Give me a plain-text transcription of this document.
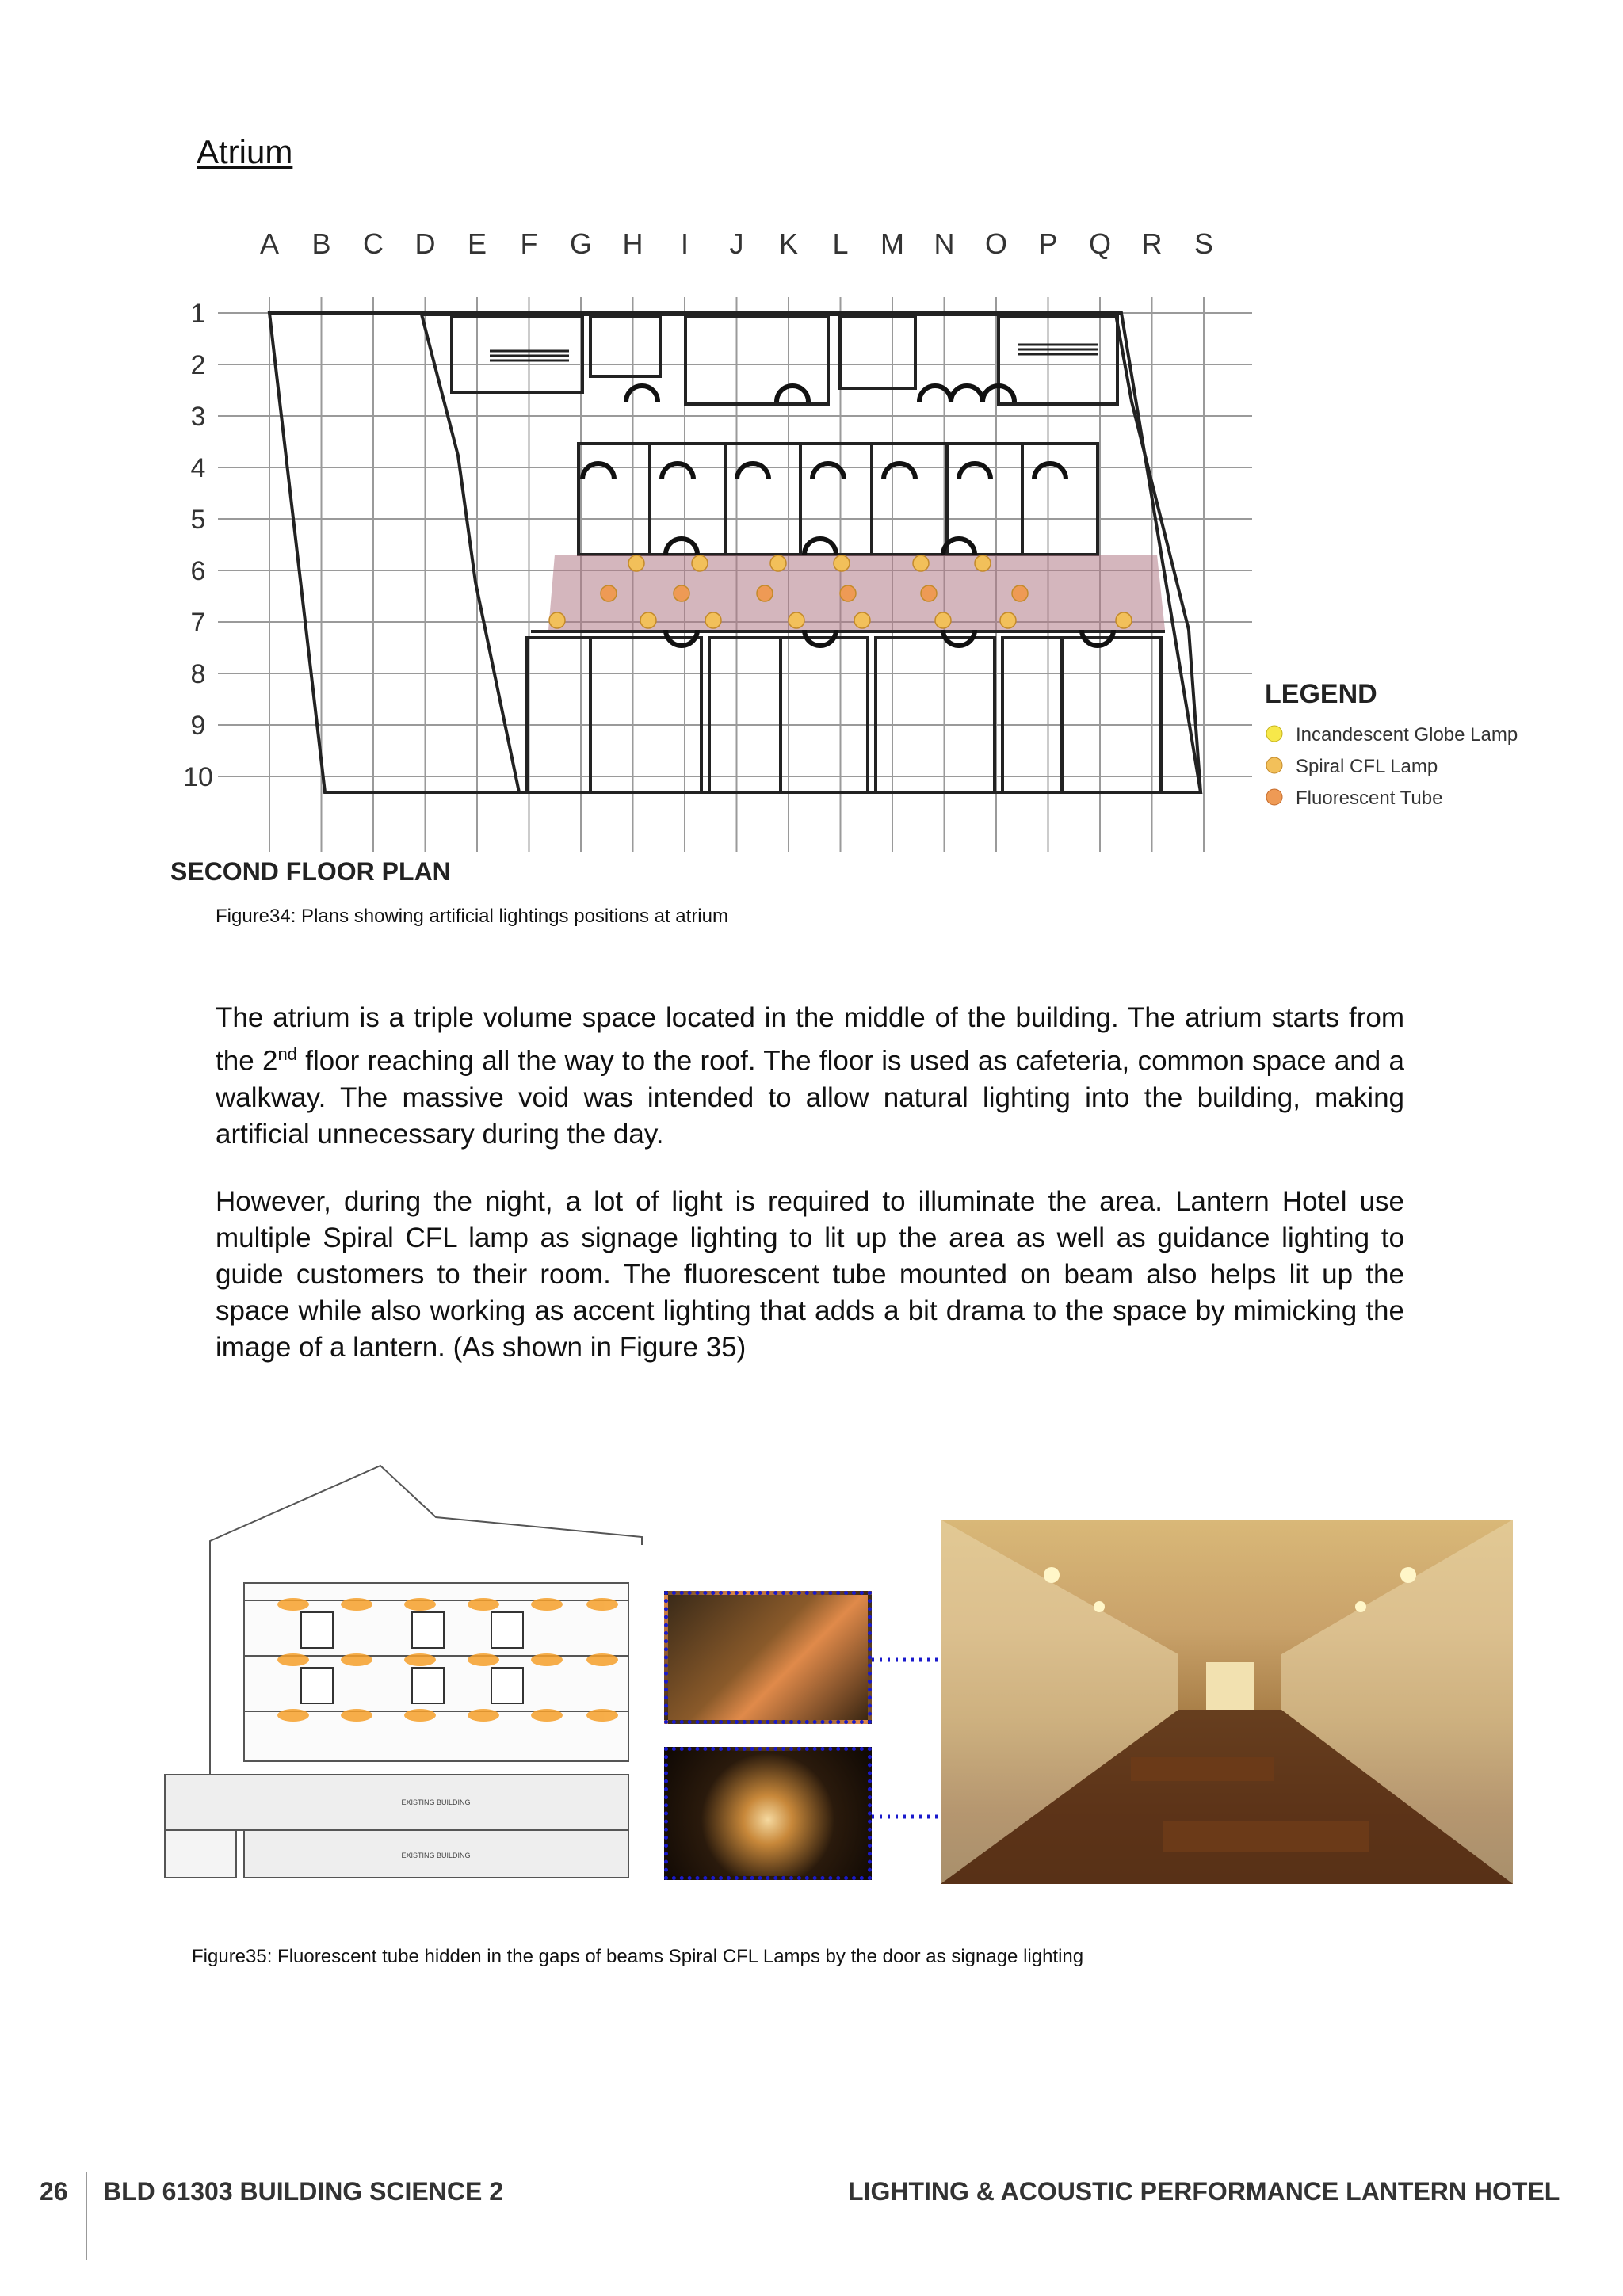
Atrium
A B C D E F G H I J K L M N O P Q R S
1
2
3
4
5
6
7
8
9
10
SECOND FLOOR PLAN
LEGEND
Incandescent Globe Lamp
Spiral CFL Lamp
Fluorescent Tube
Figure34: Plans showing artificial lightings positions at atrium

The atrium is a triple volume space located in the middle of the building. The atrium starts from the 2nd floor reaching all the way to the roof. The floor is used as cafeteria, common space and a walkway. The massive void was intended to allow natural lighting into the building, making artificial unnecessary during the day.

However, during the night, a lot of light is required to illuminate the area. Lantern Hotel use multiple Spiral CFL lamp as signage lighting to lit up the area as well as guidance lighting to guide customers to their room. The fluorescent tube mounted on beam also helps lit up the space while also working as accent lighting that adds a bit drama to the space by mimicking the image of a lantern. (As shown in Figure 35)

EXISTING BUILDING
EXISTING BUILDING
Figure35: Fluorescent tube hidden in the gaps of beams Spiral CFL Lamps by the door as signage lighting
26 BLD 61303 BUILDING SCIENCE 2	LIGHTING & ACOUSTIC PERFORMANCE LANTERN HOTEL
